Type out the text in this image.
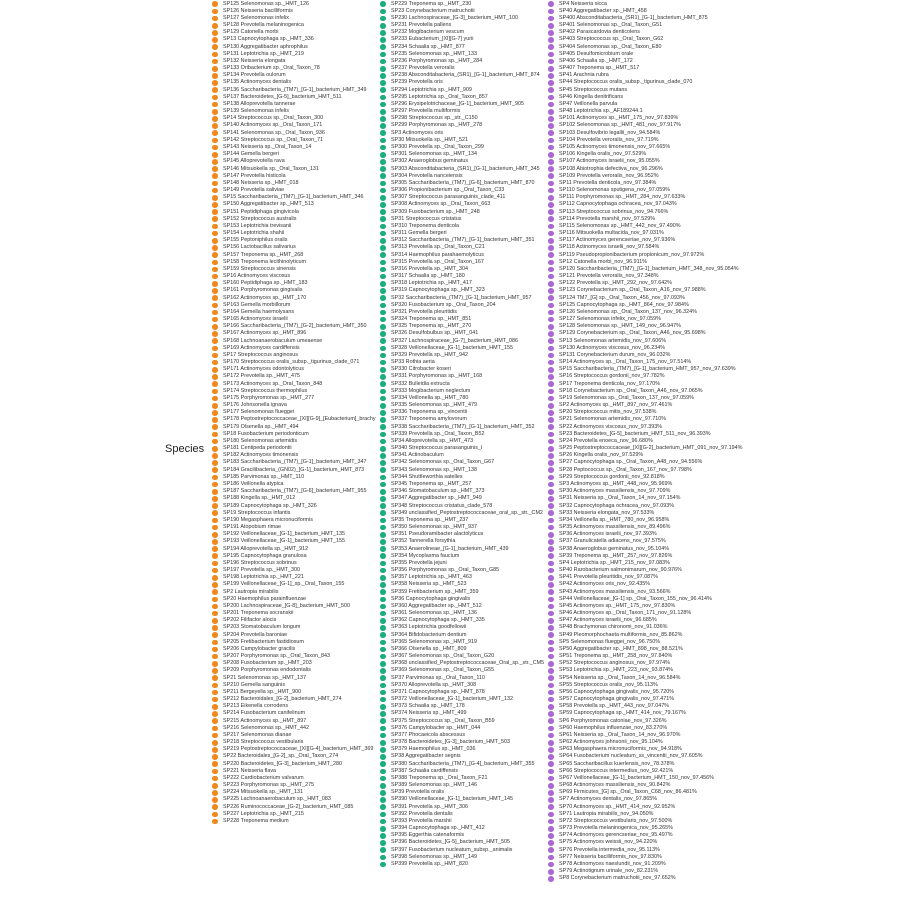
Species
SP125 Selenomonas sp._HMT_126
SP126 Neisseria bacilliformis
SP127 Selenomonas infelix
SP128 Prevotella melaninogenica
SP129 Catonella morbi
SP13 Capnocytophaga sp._HMT_336
SP130 Aggregatibacter aphrophilus
SP131 Leptotrichia sp._HMT_219
SP132 Neisseria elongata
SP133 Oribacterium sp._Oral_Taxon_78
SP134 Prevotella oulorum
SP135 Actinomyces dentalis
SP136 Saccharibacteria_(TM7)_[G-1]_bacterium_HMT_349
SP137 Bacteroidetes_[G-5]_bacterium_HMT_511
SP138 Alloprevotella tannerae
SP139 Selenomonas infelis
SP14 Streptococcus sp._Oral_Taxon_300
SP140 Actinomyces sp._Oral_Taxon_171
SP141 Selenomonas sp._Oral_Taxon_936
SP142 Streptococcus sp._Oral_Taxon_71
SP143 Neisseria sp._Oral_Taxon_14
SP144 Gemella bergeri
SP145 Alloprevotella rava
SP146 Mitsuokella sp._Oral_Taxon_131
SP147 Prevotella histicola
SP148 Neisseria sp._HMT_018
SP149 Prevotella saliviae
SP15 Saccharibacteria_(TM7)_[G-1]_bacterium_HMT_346
SP150 Aggregatibacter sp._HMT_513
SP151 Peptidiphaga gingivicola
SP152 Streptococcus australis
SP153 Leptotrichia trevisanii
SP154 Leptotrichia shahii
SP155 Peptoniphilus oralis
SP156 Lactobacillus salivarius
SP157 Treponema sp._HMT_268
SP158 Treponema lecithinolyticum
SP159 Streptococcus sinensis
SP16 Actinomyces viscosus
SP160 Peptidiphaga sp._HMT_183
SP161 Porphyromonas gingivalis
SP162 Actinomyces sp._HMT_170
SP163 Gemella morbillorum
SP164 Gemella haemolysans
SP165 Actinomyces israelii
SP166 Saccharibacteria_(TM7)_[G-2]_bacterium_HMT_350
SP167 Actinomyces sp._HMT_896
SP168 Lachnoanaerobaculum umeaense
SP169 Actinomyces cardiffensis
SP17 Streptococcus anginosus
SP170 Streptococcus oralis_subsp._tigurinus_clade_071
SP171 Actinomyces odontolyticus
SP172 Prevotella sp._HMT_475
SP173 Actinomyces sp._Oral_Taxon_848
SP174 Streptococcus thermophilus
SP175 Porphyromonas sp._HMT_277
SP176 Johnsonella ignava
SP177 Selenomonas flueggei
SP178 Peptostreptococcaceae_[XI][G-9]_[Eubacterium]_brachy
SP179 Olsenella sp._HMT_494
SP18 Fusobacterium periodonticum
SP180 Selenomonas artemidis
SP181 Centipeda periodontii
SP182 Actinomyces timonensis
SP183 Saccharibacteria_(TM7)_[G-1]_bacterium_HMT_347
SP184 Gracilibacteria_(GN02)_[G-1]_bacterium_HMT_873
SP185 Parvimonas sp._HMT_110
SP186 Veillonella atypica
SP187 Saccharibacteria_(TM7)_[G-6]_bacterium_HMT_955
SP188 Kingella sp._HMT_012
SP189 Capnocytophaga sp._HMT_326
SP19 Streptococcus infantis
SP190 Megasphaera micronuciformis
SP191 Atopobium rimae
SP192 Veillonellaceae_[G-1]_bacterium_HMT_135
SP193 Veillonellaceae_[G-1]_bacterium_HMT_155
SP194 Alloprevotella sp._HMT_912
SP195 Capnocytophaga granulosa
SP196 Streptococcus sobrinus
SP197 Prevotella sp._HMT_300
SP198 Leptotrichia sp._HMT_221
SP199 Veillonellaceae_[G-1]_sp._Oral_Taxon_155
SP2 Lautropia mirabilis
SP20 Haemophilus parainfluenzae
SP200 Lachnospiraceae_[G-8]_bacterium_HMT_500
SP201 Treponema socranskii
SP202 Filifactor alocis
SP203 Stomatobaculum longum
SP204 Prevotella baroniae
SP205 Fretibacterium fastidiosum
SP206 Campylobacter gracilis
SP207 Porphyromonas sp._Oral_Taxon_843
SP208 Fusobacterium sp._HMT_203
SP209 Porphyromonas endodontalis
SP21 Selenomonas sp._HMT_137
SP210 Gemella sanguinis
SP211 Bergeyella sp._HMT_900
SP212 Bacteroidales_[G-2]_bacterium_HMT_274
SP213 Eikenella corrodens
SP214 Fusobacterium canifelinum
SP215 Actinomyces sp._HMT_897
SP216 Selenomonas sp._HMT_442
SP217 Selenomonas dianae
SP218 Streptococcus vestibularis
SP219 Peptostreptococcaceae_[XI][G-4]_bacterium_HMT_369
SP22 Bacteroidales_[G-2]_sp._Oral_Taxon_274
SP220 Bacteroidetes_[G-3]_bacterium_HMT_280
SP221 Neisseria flava
SP222 Cardiobacterium valvarum
SP223 Porphyromonas sp._HMT_275
SP224 Mitsuokella sp._HMT_131
SP225 Lachnoanaerobaculum sp._HMT_083
SP226 Ruminococcaceae_[G-2]_bacterium_HMT_085
SP227 Leptotrichia sp._HMT_215
SP228 Treponema medium
SP229 Treponema sp._HMT_230
SP23 Corynebacterium matruchotii
SP230 Lachnospiraceae_[G-3]_bacterium_HMT_100
SP231 Prevotella pallens
SP232 Mogibacterium vescum
SP233 Eubacterium_[XI][G-7] yurii
SP234 Schaalia sp._HMT_877
SP235 Selenomonas sp._HMT_133
SP236 Porphyromonas sp._HMT_284
SP237 Prevotella veroralis
SP238 Absconditabacteria_(SR1)_[G-1]_bacterium_HMT_874
SP239 Prevotella oris
SP294 Leptotrichia sp._HMT_909
SP295 Leptotrichia sp._Oral_Taxon_857
SP296 Erysipelotrichaceae_[G-1]_bacterium_HMT_905
SP297 Prevotella multiformis
SP298 Streptococcus sp._str._C150
SP299 Porphyromonas sp._HMT_278
SP3 Actinomyces oris
SP30 Mitsuokella sp._HMT_521
SP300 Prevotella sp._Oral_Taxon_299
SP301 Selenomonas sp._HMT_134
SP302 Anaeroglobus geminatus
SP303 Absconditabacteria_(SR1)_[G-1]_bacterium_HMT_345
SP304 Prevotella nanceiensis
SP305 Saccharibacteria_(TM7)_[G-6]_bacterium_HMT_870
SP306 Propionibacterium sp._Oral_Taxon_C33
SP307 Streptococcus parasanguinis_clade_411
SP308 Actinomyces sp._Oral_Taxon_663
SP309 Fusobacterium sp._HMT_248
SP31 Streptococcus cristatus
SP310 Treponema denticola
SP311 Gemella bergeri
SP312 Saccharibacteria_(TM7)_[G-1]_bacterium_HMT_351
SP313 Prevotella sp._Oral_Taxon_C21
SP314 Haemophilus parahaemolyticus
SP315 Prevotella sp._Oral_Taxon_167
SP316 Prevotella sp._HMT_304
SP317 Schaalia sp._HMT_180
SP318 Leptotrichia sp._HMT_417
SP319 Capnocytophaga sp._HMT_323
SP32 Saccharibacteria_(TM7)_[G-1]_bacterium_HMT_957
SP320 Fusobacterium sp._Oral_Taxon_204
SP321 Prevotella pleuritidis
SP324 Treponema sp._HMT_851
SP325 Treponema sp._HMT_270
SP326 Desulfobulbus sp._HMT_041
SP327 Lachnospiraceae_[G-7]_bacterium_HMT_086
SP328 Veillonellaceae_[G-1]_bacterium_HMT_155
SP329 Prevotella sp._HMT_942
SP33 Rothia aeria
SP330 Citrobacter koseri
SP331 Porphyromonas sp._HMT_168
SP332 Bulleidia extructa
SP333 Mogibacterium neglectum
SP334 Veillonella sp._HMT_780
SP335 Selenomonas sp._HMT_479
SP336 Treponema sp._vincentii
SP337 Treponema amylovorum
SP338 Saccharibacteria_(TM7)_[G-1]_bacterium_HMT_352
SP339 Prevotella sp._Oral_Taxon_B52
SP34 Alloprevotella sp._HMT_473
SP340 Streptococcus parasanguinis_I
SP341 Actinobaculum
SP342 Selenomonas sp._Oral_Taxon_G67
SP343 Selenomonas sp._HMT_138
SP344 Shuttleworthia satelles
SP345 Treponema sp._HMT_257
SP346 Stomatobaculum sp._HMT_373
SP347 Aggregatibacter sp._HMT_949
SP348 Streptococcus cristatus_clade_578
SP349 unclassified_Peptostreptococcaceae_oral_sp._str._CM2
SP35 Treponema sp._HMT_237
SP350 Selenomonas sp._HMT_937
SP351 Pseudoramibacter alactolyticus
SP352 Tannerella forsythia
SP353 Anaerolineae_[G-1]_bacterium_HMT_439
SP354 Mycoplasma faucium
SP355 Prevotella jejuni
SP356 Porphyromonas sp._Oral_Taxon_G85
SP357 Leptotrichia sp._HMT_463
SP358 Neisseria sp._HMT_523
SP359 Fretibacterium sp._HMT_359
SP36 Capnocytophaga gingivalis
SP360 Aggregatibacter sp._HMT_512
SP361 Selenomonas sp._HMT_136
SP362 Capnocytophaga sp._HMT_335
SP363 Leptotrichia goodfellowii
SP364 Bifidobacterium dentium
SP365 Selenomonas sp._HMT_919
SP366 Olsenella sp._HMT_809
SP367 Selenomonas sp._Oral_Taxon_G20
SP368 unclassified_Peptostreptococcaceae_Oral_sp._str._CM5
SP369 Selenomonas sp._Oral_Taxon_G55
SP37 Parvimonas sp._Oral_Taxon_110
SP370 Alloprevotella sp._HMT_308
SP371 Capnocytophaga sp._HMT_878
SP372 Veillonellaceae_[G-1]_bacterium_HMT_132
SP373 Schaalia sp._HMT_178
SP374 Neisseria sp._HMT_499
SP375 Streptococcus sp._Oral_Taxon_B59
SP376 Campylobacter sp._HMT_044
SP377 Phocaeicola abscessus
SP378 Bacteroidetes_[G-3]_bacterium_HMT_503
SP379 Haemophilus sp._HMT_036
SP38 Aggregatibacter segnis
SP380 Saccharibacteria_(TM7)_[G-4]_bacterium_HMT_355
SP387 Schaalia cardiffensis
SP388 Treponema sp._Oral_Taxon_F21
SP389 Selenomonas sp._HMT_146
SP39 Prevotella oralis
SP390 Veillonellaceae_[G-1]_bacterium_HMT_145
SP391 Prevotella sp._HMT_306
SP392 Prevotella dentalis
SP393 Prevotella marshii
SP394 Capnocytophaga sp._HMT_412
SP395 Eggerthia catenaformis
SP396 Bacteroidetes_[G-5]_bacterium_HMT_505
SP397 Fusobacterium nucleatum_subsp._animalis
SP398 Selenomonas sp._HMT_149
SP399 Prevotella sp._HMT_820
SP4 Neisseria sicca
SP40 Aggregatibacter sp._HMT_458
SP400 Absconditabacteria_(SR1)_[G-1]_bacterium_HMT_875
SP401 Selenomonas sp._Oral_Taxon_G51
SP402 Parascardovia denticolens
SP403 Streptococcus sp._Oral_Taxon_G62
SP404 Selenomonas sp._Oral_Taxon_E80
SP405 Desulfomicrobium orale
SP406 Schaalia sp._HMT_172
SP407 Treponema sp._HMT_517
SP41 Arachnia rubra
SP44 Streptococcus oralis_subsp._tigurinus_clade_070
SP45 Streptococcus mutans
SP46 Kingella denitrificans
SP47 Veillonella parvula
SP48 Leptotrichia sp._AF189244.1
SP101 Actinomyces sp._HMT_175_nov_97.839%
SP102 Selenomonas sp._HMT_481_nov_97.917%
SP103 Desulfovibrio legallii_nov_94.584%
SP104 Prevotella veroralis_nov_97.719%
SP105 Actinomyces timonensis_nov_97.665%
SP106 Kingella oralis_nov_97.529%
SP107 Actinomyces israelii_nov_95.055%
SP108 Abiotrophia defectiva_nov_96.296%
SP109 Prevotella veroralis_nov_96.952%
SP11 Prevotella denticola_nov_97.384%
SP110 Selenomonas sputigena_nov_97.059%
SP111 Porphyromonas sp._HMT_284_nov_97.633%
SP112 Capnocytophaga ochracea_nov_97.043%
SP113 Streptococcus sobrinus_nov_94.766%
SP114 Prevotella marshii_nov_97.529%
SP115 Selenomonas sp._HMT_442_nov_97.490%
SP116 Mitsuokella multacida_nov_97.031%
SP117 Actinomyces gerencseriae_nov_97.936%
SP118 Actinomyces israelii_nov_97.584%
SP119 Pseudopropionibacterium propionicum_nov_97.972%
SP12 Catonella morbi_nov_96.911%
SP120 Saccharibacteria_(TM7)_[G-1]_bacterium_HMT_348_nov_95.054%
SP121 Prevotella veroralis_nov_97.348%
SP122 Prevotella sp._HMT_292_nov_97.642%
SP123 Corynebacterium sp._Oral_Taxon_A16_nov_97.988%
SP124 TM7_[G] sp._Oral_Taxon_456_nov_97.093%
SP125 Capnocytophaga sp._HMT_864_nov_97.984%
SP126 Selenomonas sp._Oral_Taxon_137_nov_96.324%
SP127 Selenomonas infelix_nov_97.059%
SP128 Selenomonas sp._HMT_149_nov_96.947%
SP129 Corynebacterium sp._Oral_Taxon_A46_nov_95.698%
SP13 Selenomonas artemidis_nov_97.606%
SP130 Actinomyces viscosus_nov_96.234%
SP131 Corynebacterium durum_nov_96.032%
SP14 Actinomyces sp._Oral_Taxon_175_nov_97.514%
SP15 Saccharibacteria_(TM7)_[G-1]_bacterium_HMT_957_nov_97.639%
SP16 Streptococcus gordonii_nov_97.782%
SP17 Treponema denticola_nov_97.170%
SP18 Corynebacterium sp._Oral_Taxon_A46_nov_97.065%
SP19 Selenomonas sp._Oral_Taxon_137_nov_97.059%
SP2 Actinomyces sp._HMT_897_nov_97.461%
SP20 Streptococcus mitis_nov_97.538%
SP21 Selenomonas artemidis_nov_97.710%
SP22 Actinomyces viscosus_nov_97.393%
SP23 Bacteroidetes_[G-5]_bacterium_HMT_511_nov_96.393%
SP24 Prevotella enoeca_nov_96.680%
SP25 Peptostreptococcaceae_[XI][G-2]_bacterium_HMT_091_nov_97.194%
SP26 Kingella oralis_nov_97.529%
SP27 Capnocytophaga sp._Oral_Taxon_A48_nov_94.556%
SP28 Peptococcus sp._Oral_Taxon_167_nov_97.798%
SP29 Streptococcus gordonii_nov_92.818%
SP3 Actinomyces sp._HMT_448_nov_95.969%
SP30 Actinomyces massiliensis_nov_97.709%
SP31 Neisseria sp._Oral_Taxon_14_nov_97.154%
SP32 Capnocytophaga ochracea_nov_97.093%
SP33 Neisseria elongata_nov_97.533%
SP34 Veillonella sp._HMT_780_nov_96.958%
SP35 Actinomyces massiliensis_nov_89.496%
SP36 Actinomyces israelii_nov_97.393%
SP37 Granulicatella adiacens_nov_97.575%
SP38 Anaeroglobus geminatus_nov_95.104%
SP39 Treponema sp._HMT_257_nov_97.826%
SP4 Leptotrichia sp._HMT_215_nov_97.083%
SP40 Rarobacterium salmonimarum_nov_90.976%
SP41 Prevotella pleuritidis_nov_97.087%
SP42 Actinomyces oris_nov_92.435%
SP43 Actinomyces massiliensis_nov_93.566%
SP44 Veillonellaceae_[G-1] sp._Oral_Taxon_155_nov_96.414%
SP45 Actinomyces sp._HMT_175_nov_97.830%
SP46 Actinomyces sp._Oral_Taxon_171_nov_91.128%
SP47 Actinomyces israelii_nov_96.685%
SP48 Brachymonas chironomi_nov_91.036%
SP49 Pleomorphochaeta multiformis_nov_85.862%
SP5 Selenomonas flueggei_nov_96.750%
SP50 Aggregatibacter sp._HMT_898_nov_88.521%
SP51 Treponema sp._HMT_258_nov_97.840%
SP52 Streptococcus anginosus_nov_97.974%
SP53 Leptotrichia sp._HMT_223_nov_93.874%
SP54 Neisseria sp._Oral_Taxon_14_nov_96.584%
SP55 Streptococcus oralis_nov_95.113%
SP56 Capnocytophaga gingivalis_nov_95.720%
SP57 Capnocytophaga gingivalis_nov_97.471%
SP58 Prevotella sp._HMT_443_nov_97.047%
SP59 Capnocytophaga sp._HMT_414_nov_79.167%
SP6 Porphyromonas catoniae_nov_97.326%
SP60 Haemophilus influenzae_nov_83.270%
SP61 Neisseria sp._Oral_Taxon_14_nov_96.970%
SP62 Actinomyces johnsonii_nov_95.104%
SP63 Megasphaera micronuciformis_nov_94.918%
SP64 Fusobacterium nucleatum_ss_vincentii_nov_97.605%
SP65 Saccharibacillus kuerlensis_nov_78.378%
SP66 Streptococcus intermedius_nov_92.421%
SP67 Veillonellaceae_[G-1]_bacterium_HMT_150_nov_97.456%
SP68 Actinomyces massiliensis_nov_90.842%
SP69 Firmicutes_[G] sp._Oral_Taxon_C68_nov_86.481%
SP7 Actinomyces dentalis_nov_97.865%
SP70 Actinomyces sp._HMT_414_nov_92.952%
SP71 Lautropia mirabilis_nov_94.050%
SP72 Streptococcus vestibularis_nov_97.500%
SP73 Prevotella melaninogenica_nov_95.265%
SP74 Actinomyces gerencseriae_nov_95.497%
SP75 Actinomyces weissii_nov_94.220%
SP76 Prevotella intermedia_nov_95.113%
SP77 Neisseria bacilliformis_nov_97.830%
SP78 Actinomyces naeslundii_nov_91.209%
SP79 Actinotignum urinale_nov_82.231%
SP8 Corynebacterium matruchotii_nov_97.652%
